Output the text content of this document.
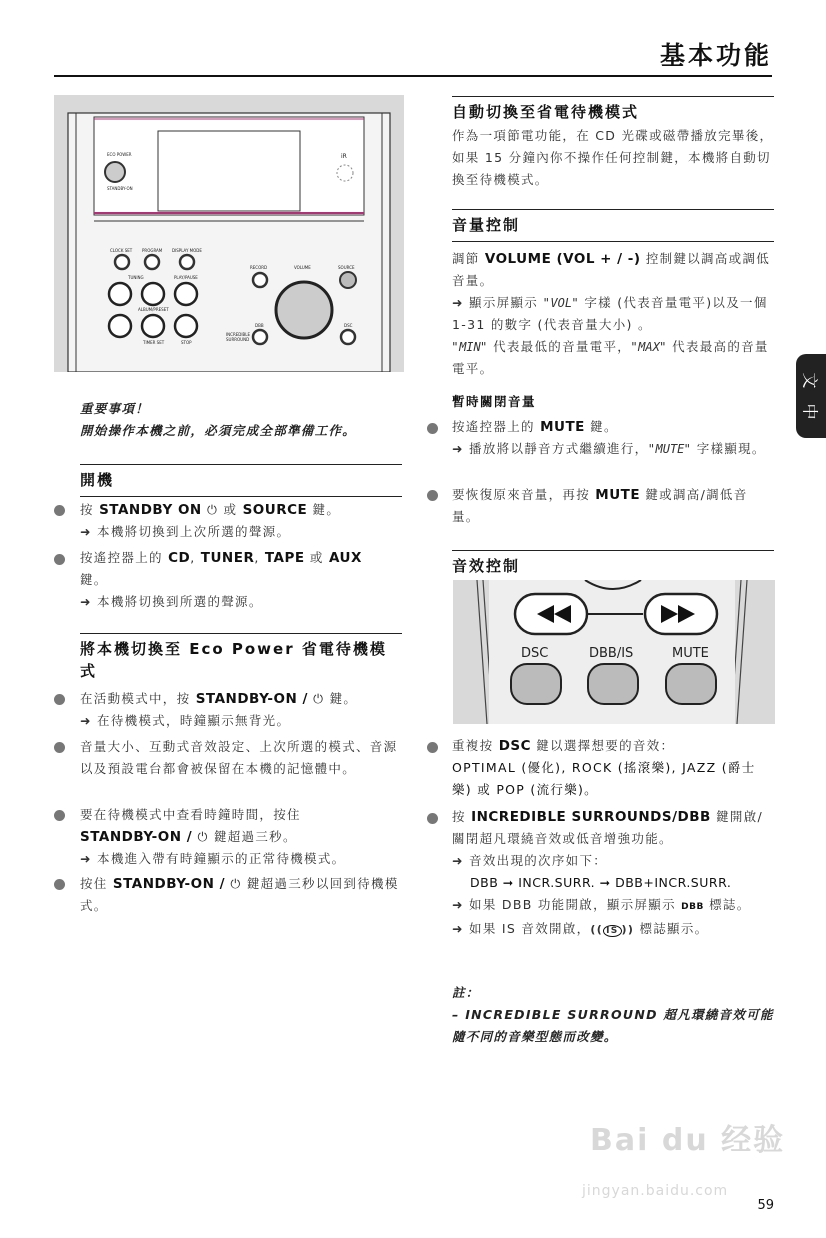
基本功能
文
中
ECO POWER
STANDBY-ON
iR
CLOCK SET PROGRAM DISPLAY MODE
RECORD	VOLUME	SOURCE
TUNING	PLAY/PAUSE
ALBUM/PRESET
TIMER SET	STOP
DBB
INCREDIBLE
SURROUND
DSC
重要事項！
開始操作本機之前，必須完成全部準備工作。
開機
按 STANDBY ON ⏻ 或 SOURCE 鍵。
➜ 本機將切換到上次所選的聲源。
按遙控器上的 CD, TUNER, TAPE 或 AUX
鍵。
➜ 本機將切換到所選的聲源。
將本機切換至 Eco Power 省電待機模式
在活動模式中，按 STANDBY-ON / ⏻ 鍵。
➜ 在待機模式，時鐘顯示無背光。
音量大小、互動式音效設定、上次所選的模式、音源以及預設電台都會被保留在本機的記憶體中。
要在待機模式中查看時鐘時間，按住
STANDBY-ON / ⏻ 鍵超過三秒。
➜ 本機進入帶有時鐘顯示的正常待機模式。
按住 STANDBY-ON / ⏻ 鍵超過三秒以回到待機模式。
自動切換至省電待機模式
作為一項節電功能，在 CD 光碟或磁帶播放完畢後，如果 15 分鐘內你不操作任何控制鍵，本機將自動切換至待機模式。
音量控制
調節 VOLUME (VOL + / -) 控制鍵以調高或調低音量。
➜ 顯示屏顯示 "VOL" 字樣 (代表音量電平)以及一個 1-31 的數字 (代表音量大小) 。
"MIN" 代表最低的音量電平，"MAX" 代表最高的音量電平。
暫時關閉音量
按遙控器上的 MUTE 鍵。
➜ 播放將以靜音方式繼續進行，"MUTE" 字樣顯現。
要恢復原來音量，再按 MUTE 鍵或調高/調低音量。
音效控制
DSC	DBB/IS	MUTE
重複按 DSC 鍵以選擇想要的音效：
OPTIMAL (優化), ROCK (搖滾樂), JAZZ (爵士樂) 或 POP (流行樂)。
按 INCREDIBLE SURROUNDS/DBB 鍵開啟/關閉超凡環繞音效或低音增強功能。
➜ 音效出現的次序如下：
DBB ➞ INCR.SURR. ➞ DBB+INCR.SURR.
➜ 如果 DBB 功能開啟，顯示屏顯示 DBB 標誌。
➜ 如果 IS 音效開啟，(( IS )) 標誌顯示。
註：
– INCREDIBLE SURROUND 超凡環繞音效可能隨不同的音樂型態而改變。
Bai du 经验
jingyan.baidu.com
59
